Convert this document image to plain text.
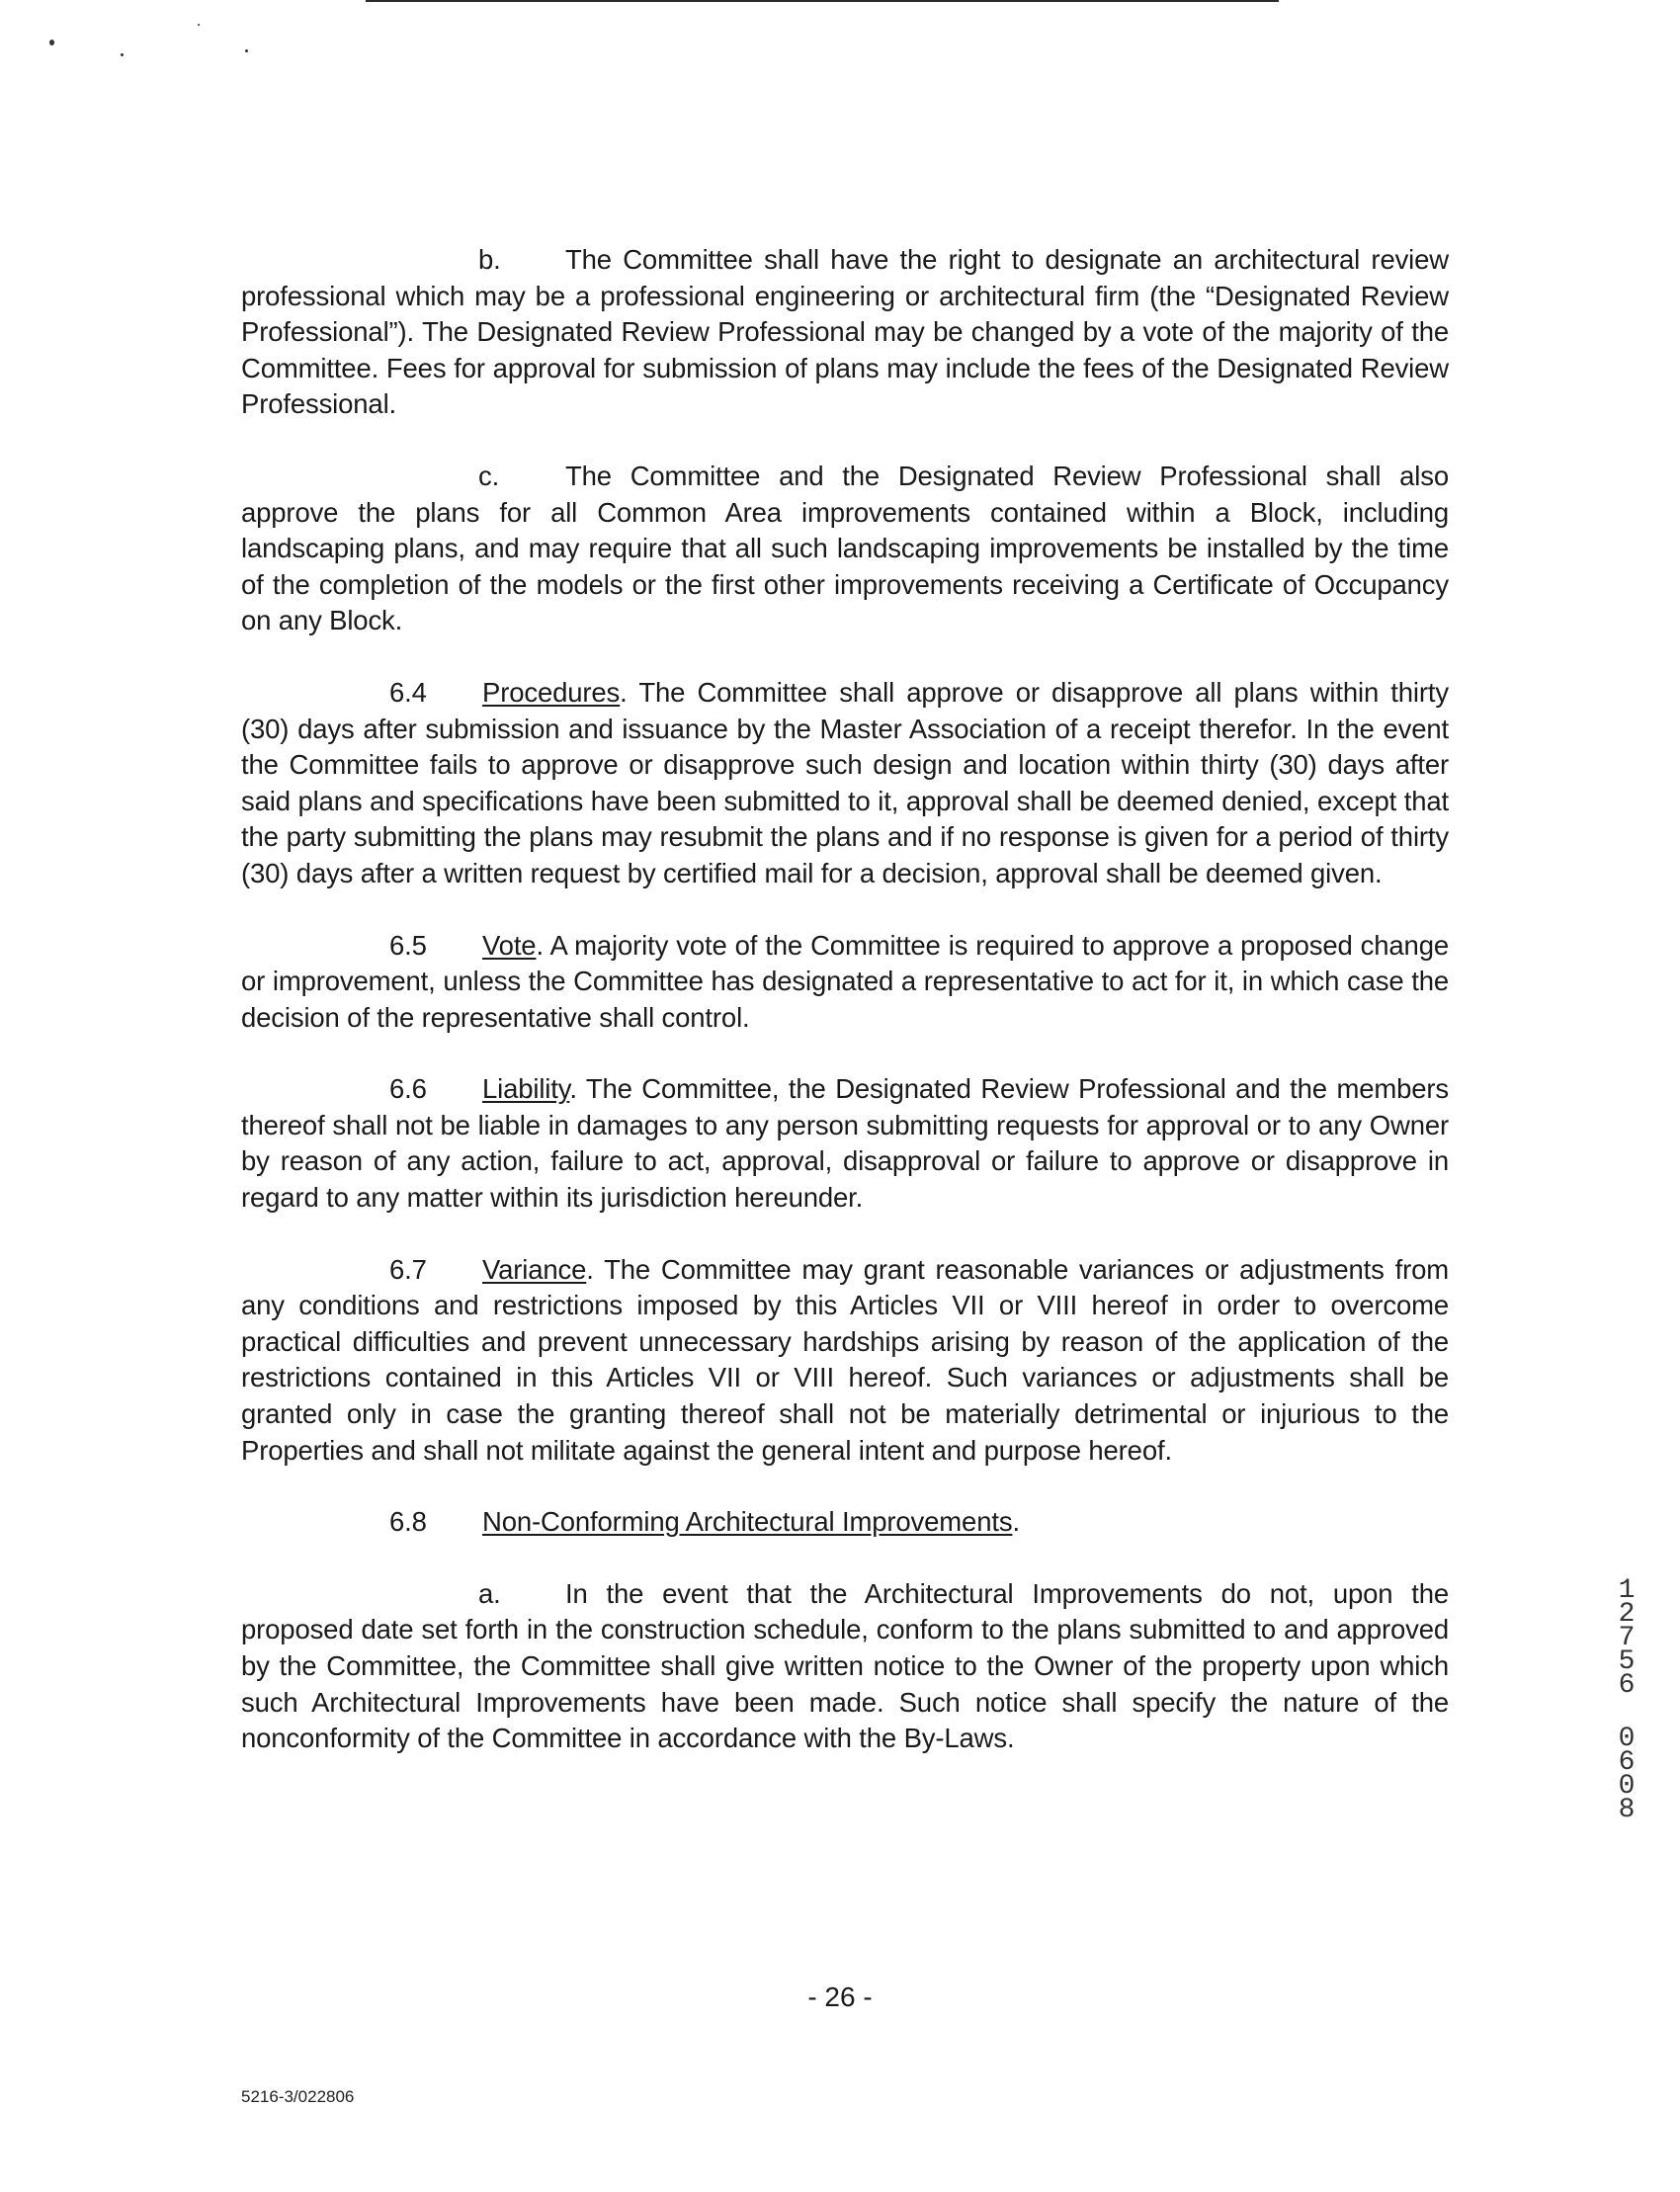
b. The Committee shall have the right to designate an architectural review professional which may be a professional engineering or architectural firm (the “Designated Review Professional”). The Designated Review Professional may be changed by a vote of the majority of the Committee. Fees for approval for submission of plans may include the fees of the Designated Review Professional.

c. The Committee and the Designated Review Professional shall also approve the plans for all Common Area improvements contained within a Block, including landscaping plans, and may require that all such landscaping improvements be installed by the time of the completion of the models or the first other improvements receiving a Certificate of Occupancy on any Block.

6.4 Procedures. The Committee shall approve or disapprove all plans within thirty (30) days after submission and issuance by the Master Association of a receipt therefor. In the event the Committee fails to approve or disapprove such design and location within thirty (30) days after said plans and specifications have been submitted to it, approval shall be deemed denied, except that the party submitting the plans may resubmit the plans and if no response is given for a period of thirty (30) days after a written request by certified mail for a decision, approval shall be deemed given.

6.5 Vote. A majority vote of the Committee is required to approve a proposed change or improvement, unless the Committee has designated a representative to act for it, in which case the decision of the representative shall control.

6.6 Liability. The Committee, the Designated Review Professional and the members thereof shall not be liable in damages to any person submitting requests for approval or to any Owner by reason of any action, failure to act, approval, disapproval or failure to approve or disapprove in regard to any matter within its jurisdiction hereunder.

6.7 Variance. The Committee may grant reasonable variances or adjustments from any conditions and restrictions imposed by this Articles VII or VIII hereof in order to overcome practical difficulties and prevent unnecessary hardships arising by reason of the application of the restrictions contained in this Articles VII or VIII hereof. Such variances or adjustments shall be granted only in case the granting thereof shall not be materially detrimental or injurious to the Properties and shall not militate against the general intent and purpose hereof.

6.8 Non-Conforming Architectural Improvements.

a. In the event that the Architectural Improvements do not, upon the proposed date set forth in the construction schedule, conform to the plans submitted to and approved by the Committee, the Committee shall give written notice to the Owner of the property upon which such Architectural Improvements have been made. Such notice shall specify the nature of the nonconformity of the Committee in accordance with the By-Laws.

1
2
7
5
6
0
6
0
8
- 26 -
5216-3/022806
